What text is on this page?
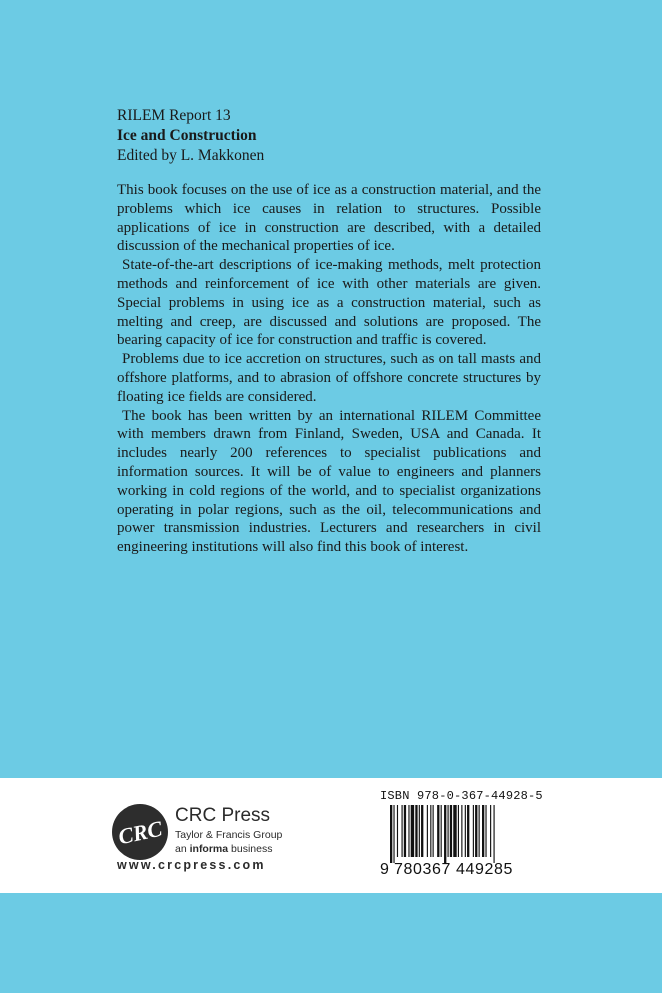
RILEM Report 13
Ice and Construction
Edited by L. Makkonen

This book focuses on the use of ice as a construction material, and the problems which ice causes in relation to structures. Possible applications of ice in construction are described, with a detailed discussion of the mechanical properties of ice.

State-of-the-art descriptions of ice-making methods, melt protection methods and reinforcement of ice with other materials are given. Special problems in using ice as a construction material, such as melting and creep, are discussed and solutions are proposed. The bearing capacity of ice for construction and traffic is covered.

Problems due to ice accretion on structures, such as on tall masts and offshore platforms, and to abrasion of offshore concrete structures by floating ice fields are considered.

The book has been written by an international RILEM Committee with members drawn from Finland, Sweden, USA and Canada. It includes nearly 200 references to specialist publications and information sources. It will be of value to engineers and planners working in cold regions of the world, and to specialist organizations operating in polar regions, such as the oil, telecommunications and power transmission industries. Lecturers and researchers in civil engineering institutions will also find this book of interest.

CRC
CRC Press
Taylor & Francis Group
an informa business
www.crcpress.com
ISBN 978-0-367-44928-5
9 780367 449285
